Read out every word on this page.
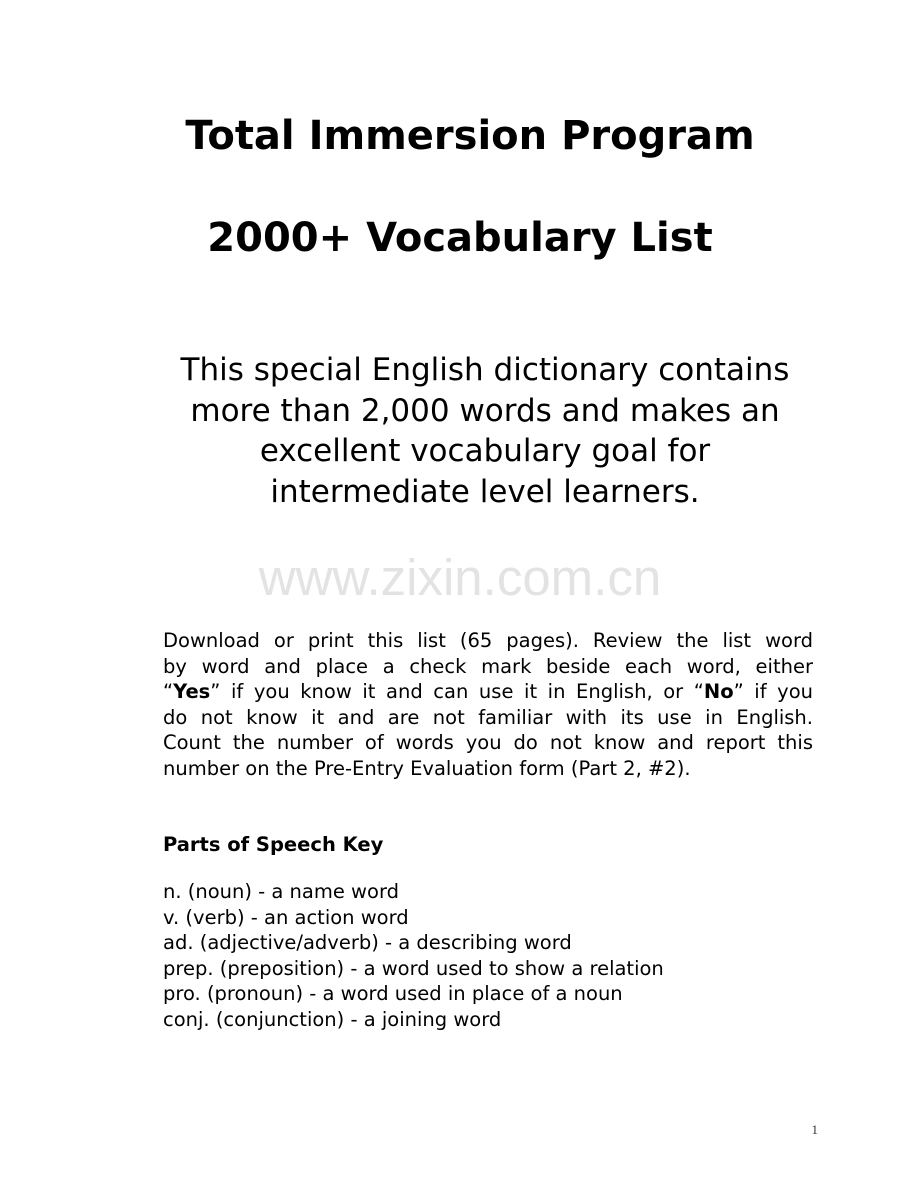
Total Immersion Program
2000+ Vocabulary List
This special English dictionary contains
more than 2,000 words and makes an
excellent vocabulary goal for
intermediate level learners.
www.zixin.com.cn
Download or print this list (65 pages). Review the list word
by word and place a check mark beside each word, either
“Yes” if you know it and can use it in English, or “No” if you
do not know it and are not familiar with its use in English.
Count the number of words you do not know and report this
number on the Pre-Entry Evaluation form (Part 2, #2).
Parts of Speech Key
n. (noun) - a name word
v. (verb) - an action word
ad. (adjective/adverb) - a describing word
prep. (preposition) - a word used to show a relation
pro. (pronoun) - a word used in place of a noun
conj. (conjunction) - a joining word
1
